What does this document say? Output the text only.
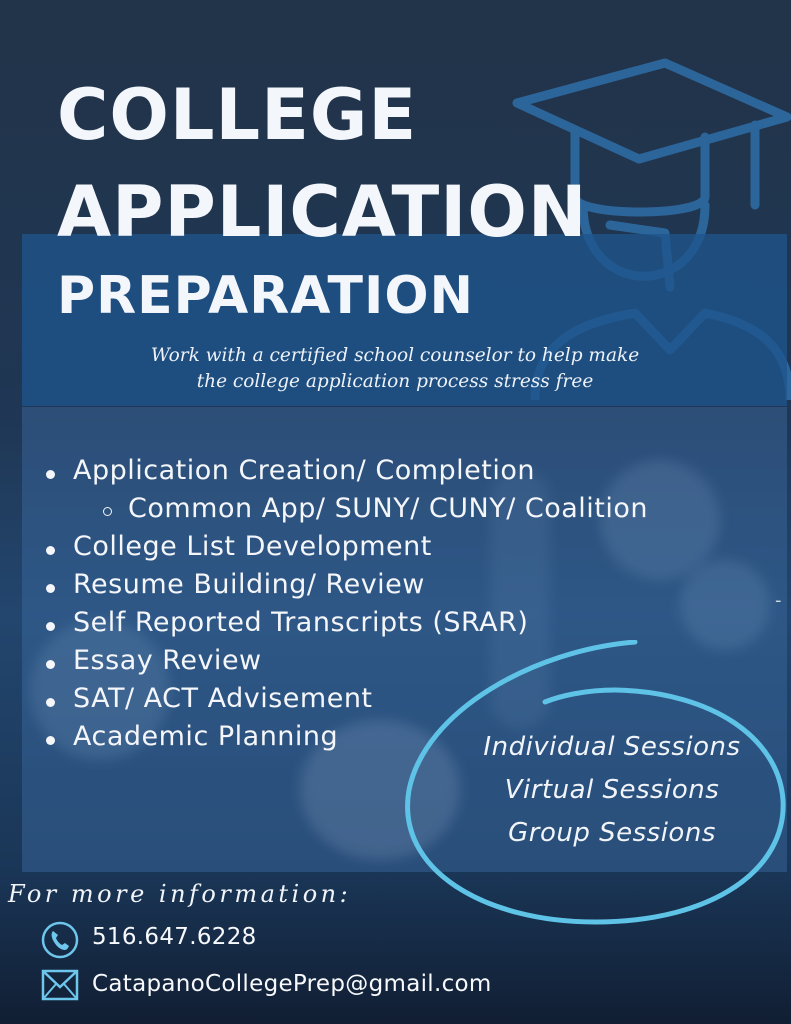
COLLEGE
APPLICATION
PREPARATION
Work with a certified school counselor to help make
the college application process stress free
Application Creation/ Completion
Common App/ SUNY/ CUNY/ Coalition
College List Development
Resume Building/ Review
Self Reported Transcripts (SRAR)
Essay Review
SAT/ ACT Advisement
Academic Planning
-
Individual Sessions
Virtual Sessions
Group Sessions
For more information:
516.647.6228
CatapanoCollegePrep@gmail.com
